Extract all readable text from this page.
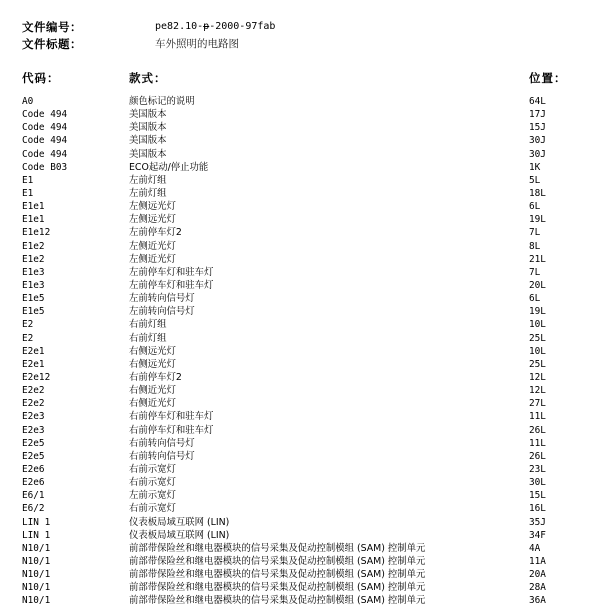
文件编号：	pe82.10-p-2000-97fab
文件标题：	车外照明的电路图
代码：	款式：	位置：
A0	颜色标记的说明	64L
Code 494	美国版本	17J
Code 494	美国版本	15J
Code 494	美国版本	30J
Code 494	美国版本	30J
Code B03	ECO起动/停止功能	1K
E1	左前灯组	5L
E1	左前灯组	18L
E1e1	左侧远光灯	6L
E1e1	左侧远光灯	19L
E1e12	左前停车灯2	7L
E1e2	左侧近光灯	8L
E1e2	左侧近光灯	21L
E1e3	左前停车灯和驻车灯	7L
E1e3	左前停车灯和驻车灯	20L
E1e5	左前转向信号灯	6L
E1e5	左前转向信号灯	19L
E2	右前灯组	10L
E2	右前灯组	25L
E2e1	右侧远光灯	10L
E2e1	右侧远光灯	25L
E2e12	右前停车灯2	12L
E2e2	右侧近光灯	12L
E2e2	右侧近光灯	27L
E2e3	右前停车灯和驻车灯	11L
E2e3	右前停车灯和驻车灯	26L
E2e5	右前转向信号灯	11L
E2e5	右前转向信号灯	26L
E2e6	右前示宽灯	23L
E2e6	右前示宽灯	30L
E6/1	左前示宽灯	15L
E6/2	右前示宽灯	16L
LIN 1	仪表板局域互联网 (LIN)	35J
LIN 1	仪表板局域互联网 (LIN)	34F
N10/1	前部带保险丝和继电器模块的信号采集及促动控制模组 (SAM) 控制单元	4A
N10/1	前部带保险丝和继电器模块的信号采集及促动控制模组 (SAM) 控制单元	11A
N10/1	前部带保险丝和继电器模块的信号采集及促动控制模组 (SAM) 控制单元	20A
N10/1	前部带保险丝和继电器模块的信号采集及促动控制模组 (SAM) 控制单元	28A
N10/1	前部带保险丝和继电器模块的信号采集及促动控制模组 (SAM) 控制单元	36A
